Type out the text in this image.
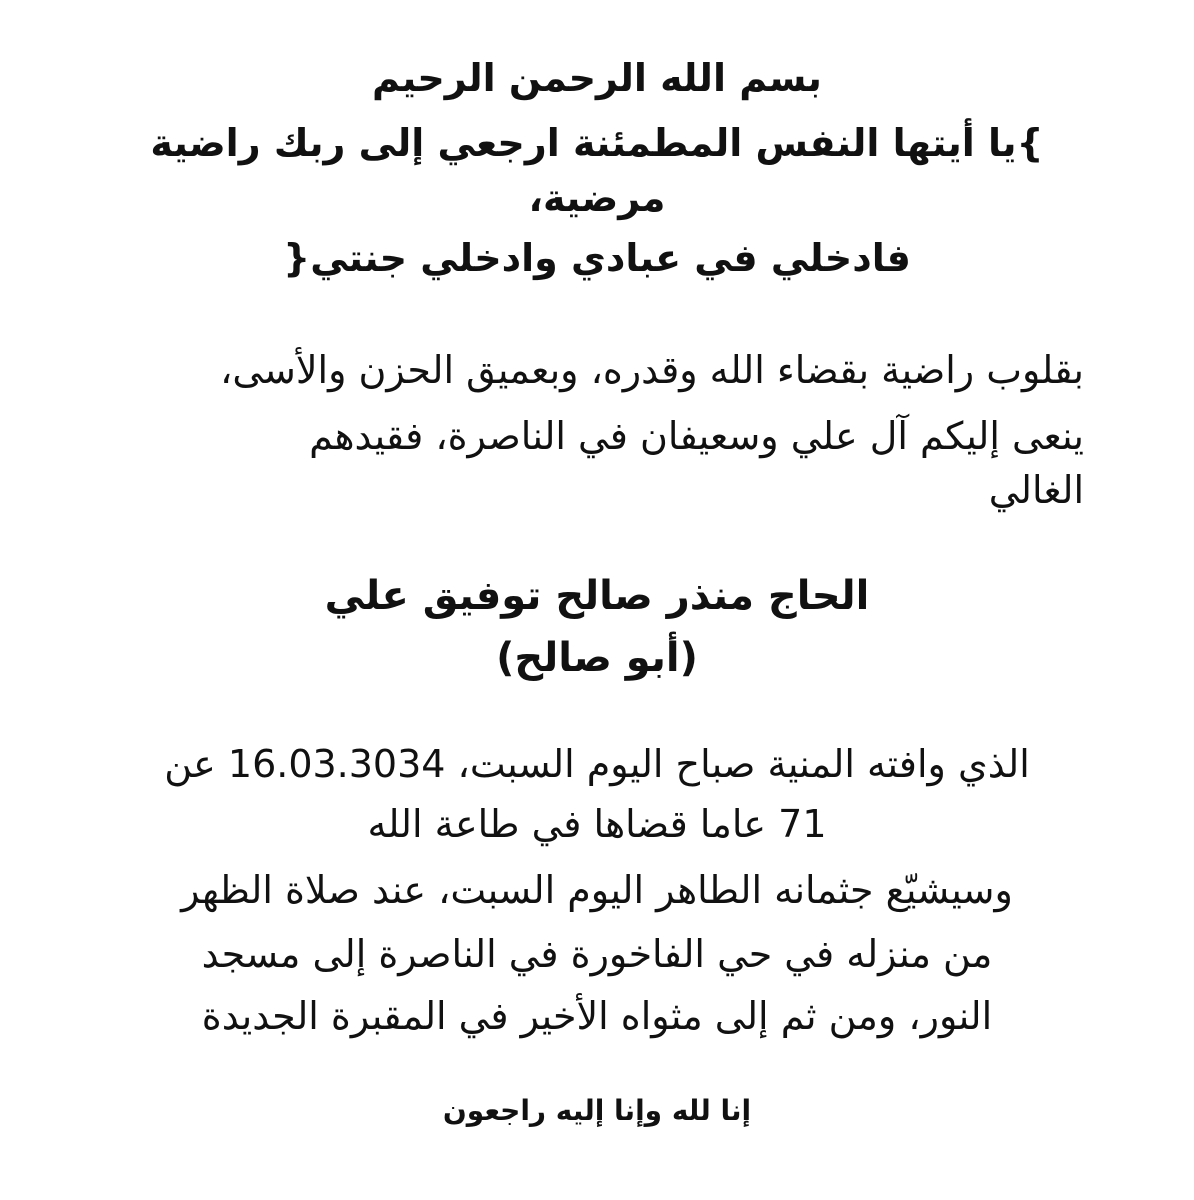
بسم الله الرحمن الرحيم
}يا أيتها النفس المطمئنة ارجعي إلى ربك راضية
مرضية،
فادخلي في عبادي وادخلي جنتي{
بقلوب راضية بقضاء الله وقدره، وبعميق الحزن والأسى،
ينعى إليكم آل علي وسعيفان في الناصرة، فقيدهم
الغالي
الحاج منذر صالح توفيق علي
(أبو صالح)
الذي وافته المنية صباح اليوم السبت، 16.03.3034 عن
71 عاما قضاها في طاعة الله
وسيشيّع جثمانه الطاهر اليوم السبت، عند صلاة الظهر
من منزله في حي الفاخورة في الناصرة إلى مسجد
النور، ومن ثم إلى مثواه الأخير في المقبرة الجديدة
إنا لله وإنا إليه راجعون
